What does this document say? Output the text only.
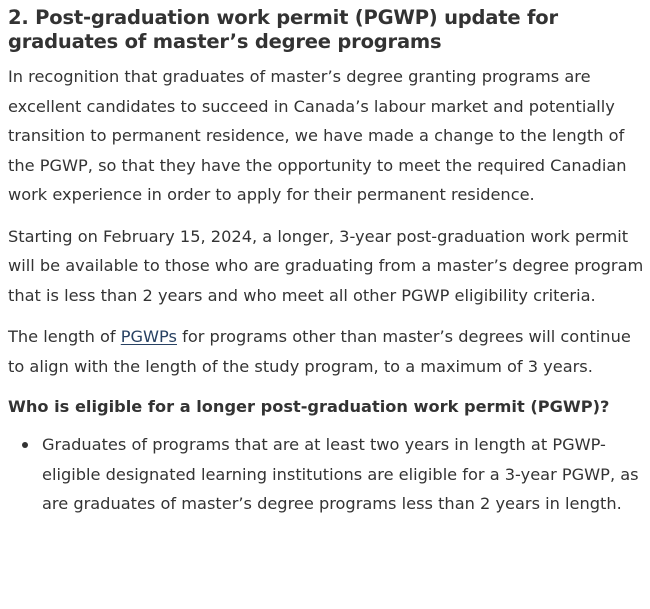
2. Post-graduation work permit (PGWP) update for graduates of master’s degree programs

In recognition that graduates of master’s degree granting programs are excellent candidates to succeed in Canada’s labour market and potentially transition to permanent residence, we have made a change to the length of the PGWP, so that they have the opportunity to meet the required Canadian work experience in order to apply for their permanent residence.

Starting on February 15, 2024, a longer, 3-year post-graduation work permit will be available to those who are graduating from a master’s degree program that is less than 2 years and who meet all other PGWP eligibility criteria.

The length of PGWPs for programs other than master’s degrees will continue to align with the length of the study program, to a maximum of 3 years.

Who is eligible for a longer post-graduation work permit (PGWP)?
Graduates of programs that are at least two years in length at PGWP-eligible designated learning institutions are eligible for a 3-year PGWP, as are graduates of master’s degree programs less than 2 years in length.
